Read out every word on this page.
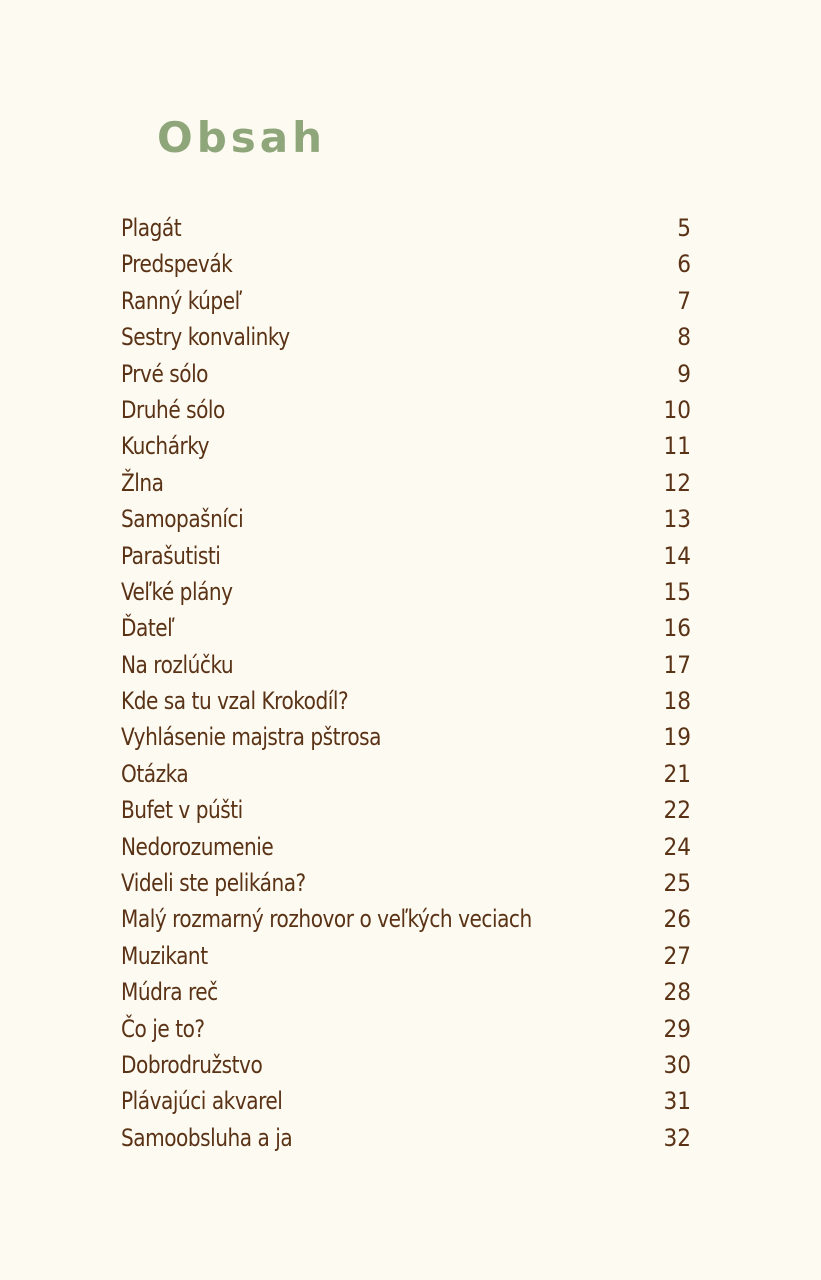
Obsah
Plagát	5
Predspevák	6
Ranný kúpeľ	7
Sestry konvalinky	8
Prvé sólo	9
Druhé sólo	10
Kuchárky	11
Žlna	12
Samopašníci	13
Parašutisti	14
Veľké plány	15
Ďateľ	16
Na rozlúčku	17
Kde sa tu vzal Krokodíl?	18
Vyhlásenie majstra pštrosa	19
Otázka	21
Bufet v púšti	22
Nedorozumenie	24
Videli ste pelikána?	25
Malý rozmarný rozhovor o veľkých veciach	26
Muzikant	27
Múdra reč	28
Čo je to?	29
Dobrodružstvo	30
Plávajúci akvarel	31
Samoobsluha a ja	32
